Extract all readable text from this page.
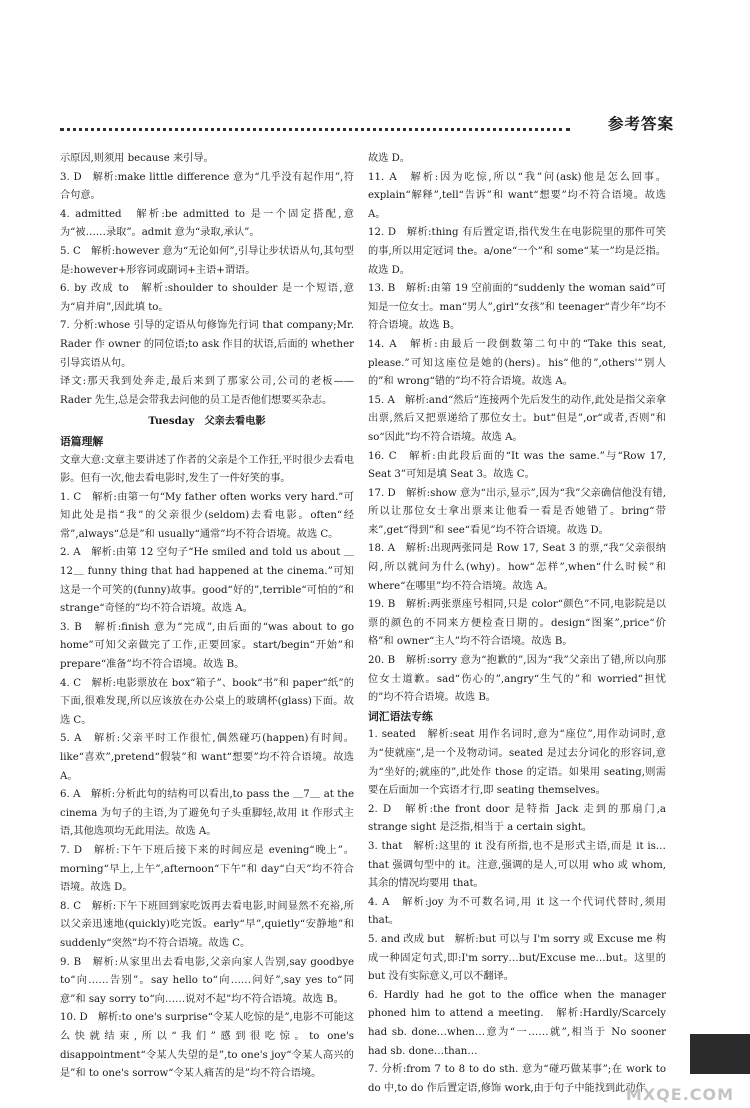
参考答案
示原因,则须用 because 来引导。
3. D　解析:make little difference 意为“几乎没有起作用”,符合句意。
4. admitted　解析:be admitted to 是一个固定搭配,意为“被……录取”。admit 意为“录取,承认”。
5. C　解析:however 意为“无论如何”,引导让步状语从句,其句型是:however+形容词或副词+主语+谓语。
6. by 改成 to　解析:shoulder to shoulder 是一个短语,意为“肩并肩”,因此填 to。
7. 分析:whose 引导的定语从句修饰先行词 that company;Mr. Rader 作 owner 的同位语;to ask 作目的状语,后面的 whether 引导宾语从句。
译文:那天我到处奔走,最后来到了那家公司,公司的老板——Rader 先生,总是会带我去问他的员工是否他们想要买杂志。
Tuesday　父亲去看电影
语篇理解
文章大意:文章主要讲述了作者的父亲是个工作狂,平时很少去看电影。但有一次,他去看电影时,发生了一件好笑的事。
1. C　解析:由第一句“My father often works very hard.”可知此处是指“我”的父亲很少(seldom)去看电影。often“经常”,always“总是”和 usually“通常”均不符合语境。故选 C。
2. A　解析:由第 12 空句子“He smiled and told us about ＿12＿ funny thing that had happened at the cinema.”可知这是一个可笑的(funny)故事。good“好的”,terrible“可怕的”和 strange“奇怪的”均不符合语境。故选 A。
3. B　解析:finish 意为“完成”,由后面的“was about to go home”可知父亲做完了工作,正要回家。start/begin“开始”和 prepare“准备”均不符合语境。故选 B。
4. C　解析:电影票放在 box“箱子”、book“书”和 paper“纸”的下面,很难发现,所以应该放在办公桌上的玻璃杯(glass)下面。故选 C。
5. A　解析:父亲平时工作很忙,偶然碰巧(happen)有时间。like“喜欢”,pretend“假装”和 want“想要”均不符合语境。故选 A。
6. A　解析:分析此句的结构可以看出,to pass the ＿7＿ at the cinema 为句子的主语,为了避免句子头重脚轻,故用 it 作形式主语,其他选项均无此用法。故选 A。
7. D　解析:下午下班后接下来的时间应是 evening“晚上”。morning“早上,上午”,afternoon“下午”和 day“白天”均不符合语境。故选 D。
8. C　解析:下午下班回到家吃饭再去看电影,时间显然不充裕,所以父亲迅速地(quickly)吃完饭。early“早”,quietly“安静地”和 suddenly“突然”均不符合语境。故选 C。
9. B　解析:从家里出去看电影,父亲向家人告别,say goodbye to“向……告别”。say hello to“向……问好”,say yes to“同意”和 say sorry to“向……说对不起”均不符合语境。故选 B。
10. D　解析:to one's surprise“令某人吃惊的是”,电影不可能这么快就结束,所以“我们”感到很吃惊。to one's disappointment“令某人失望的是”,to one's joy“令某人高兴的是”和 to one's sorrow“令某人痛苦的是”均不符合语境。
故选 D。
11. A　解析:因为吃惊,所以“我”问(ask)他是怎么回事。explain“解释”,tell“告诉”和 want“想要”均不符合语境。故选 A。
12. D　解析:thing 有后置定语,指代发生在电影院里的那件可笑的事,所以用定冠词 the。a/one“一个”和 some“某一”均是泛指。故选 D。
13. B　解析:由第 19 空前面的“suddenly the woman said”可知是一位女士。man“男人”,girl“女孩”和 teenager“青少年”均不符合语境。故选 B。
14. A　解析:由最后一段倒数第二句中的“Take this seat, please.”可知这座位是她的(hers)。his“他的”,others'“别人的”和 wrong“错的”均不符合语境。故选 A。
15. A　解析:and“然后”连接两个先后发生的动作,此处是指父亲拿出票,然后又把票递给了那位女士。but“但是”,or“或者,否则”和 so“因此”均不符合语境。故选 A。
16. C　解析:由此段后面的“It was the same.”与“Row 17, Seat 3”可知是填 Seat 3。故选 C。
17. D　解析:show 意为“出示,显示”,因为“我”父亲确信他没有错,所以让那位女士拿出票来让他看一看是否她错了。bring“带来”,get“得到”和 see“看见”均不符合语境。故选 D。
18. A　解析:出现两张同是 Row 17, Seat 3 的票,“我”父亲很纳闷,所以就问为什么(why)。how“怎样”,when“什么时候”和 where“在哪里”均不符合语境。故选 A。
19. B　解析:两张票座号相同,只是 color“颜色”不同,电影院是以票的颜色的不同来方便检查日期的。design“图案”,price“价格”和 owner“主人”均不符合语境。故选 B。
20. B　解析:sorry 意为“抱歉的”,因为“我”父亲出了错,所以向那位女士道歉。sad“伤心的”,angry“生气的”和 worried“担忧的”均不符合语境。故选 B。
词汇语法专练
1. seated　解析:seat 用作名词时,意为“座位”,用作动词时,意为“使就座”,是一个及物动词。seated 是过去分词化的形容词,意为“坐好的;就座的”,此处作 those 的定语。如果用 seating,则需要在后面加一个宾语才行,即 seating themselves。
2. D　解析:the front door 是特指 Jack 走到的那扇门,a strange sight 是泛指,相当于 a certain sight。
3. that　解析:这里的 it 没有所指,也不是形式主语,而是 it is…that 强调句型中的 it。注意,强调的是人,可以用 who 或 whom,其余的情况均要用 that。
4. A　解析:joy 为不可数名词,用 it 这一个代词代替时,须用 that。
5. and 改成 but　解析:but 可以与 I'm sorry 或 Excuse me 构成一种固定句式,即:I'm sorry…but/Excuse me…but。这里的 but 没有实际意义,可以不翻译。
6. Hardly had he got to the office when the manager phoned him to attend a meeting.　解析:Hardly/Scarcely had sb. done…when…意为“一……就”,相当于 No sooner had sb. done…than…
7. 分析:from 7 to 8 to do sth. 意为“碰巧做某事”;在 work to do 中,to do 作后置定语,修饰 work,由于句子中能找到此动作
MXQE.COM
